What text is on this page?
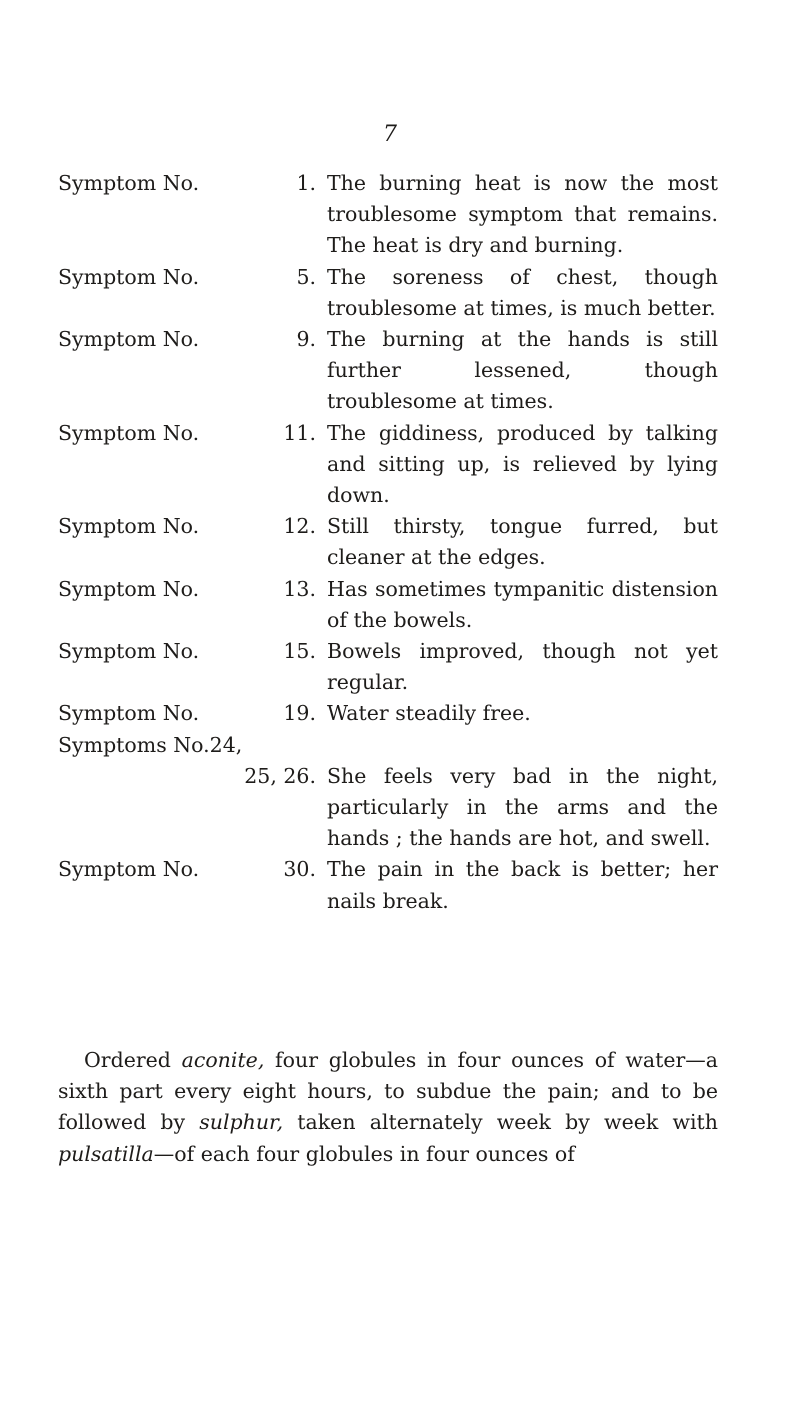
7
Symptom No.	1. The burning heat is now the most troublesome symptom that remains. The heat is dry and burning.
Symptom No.	5. The soreness of chest, though troublesome at times, is much better.
Symptom No.	9. The burning at the hands is still further lessened, though troublesome at times.
Symptom No.	11. The giddiness, produced by talking and sitting up, is relieved by lying down.
Symptom No.	12. Still thirsty, tongue furred, but cleaner at the edges.
Symptom No.	13. Has sometimes tympanitic distension of the bowels.
Symptom No.	15. Bowels improved, though not yet regular.
Symptom No.	19. Water steadily free.
Symptoms No.24,
25, 26. She feels very bad in the night, particularly in the arms and the hands ; the hands are hot, and swell.
Symptom No.	30. The pain in the back is better; her nails break.
Ordered aconite, four globules in four ounces of water—a sixth part every eight hours, to subdue the pain; and to be followed by sulphur, taken alternately week by week with pulsatilla—of each four globules in four ounces of
